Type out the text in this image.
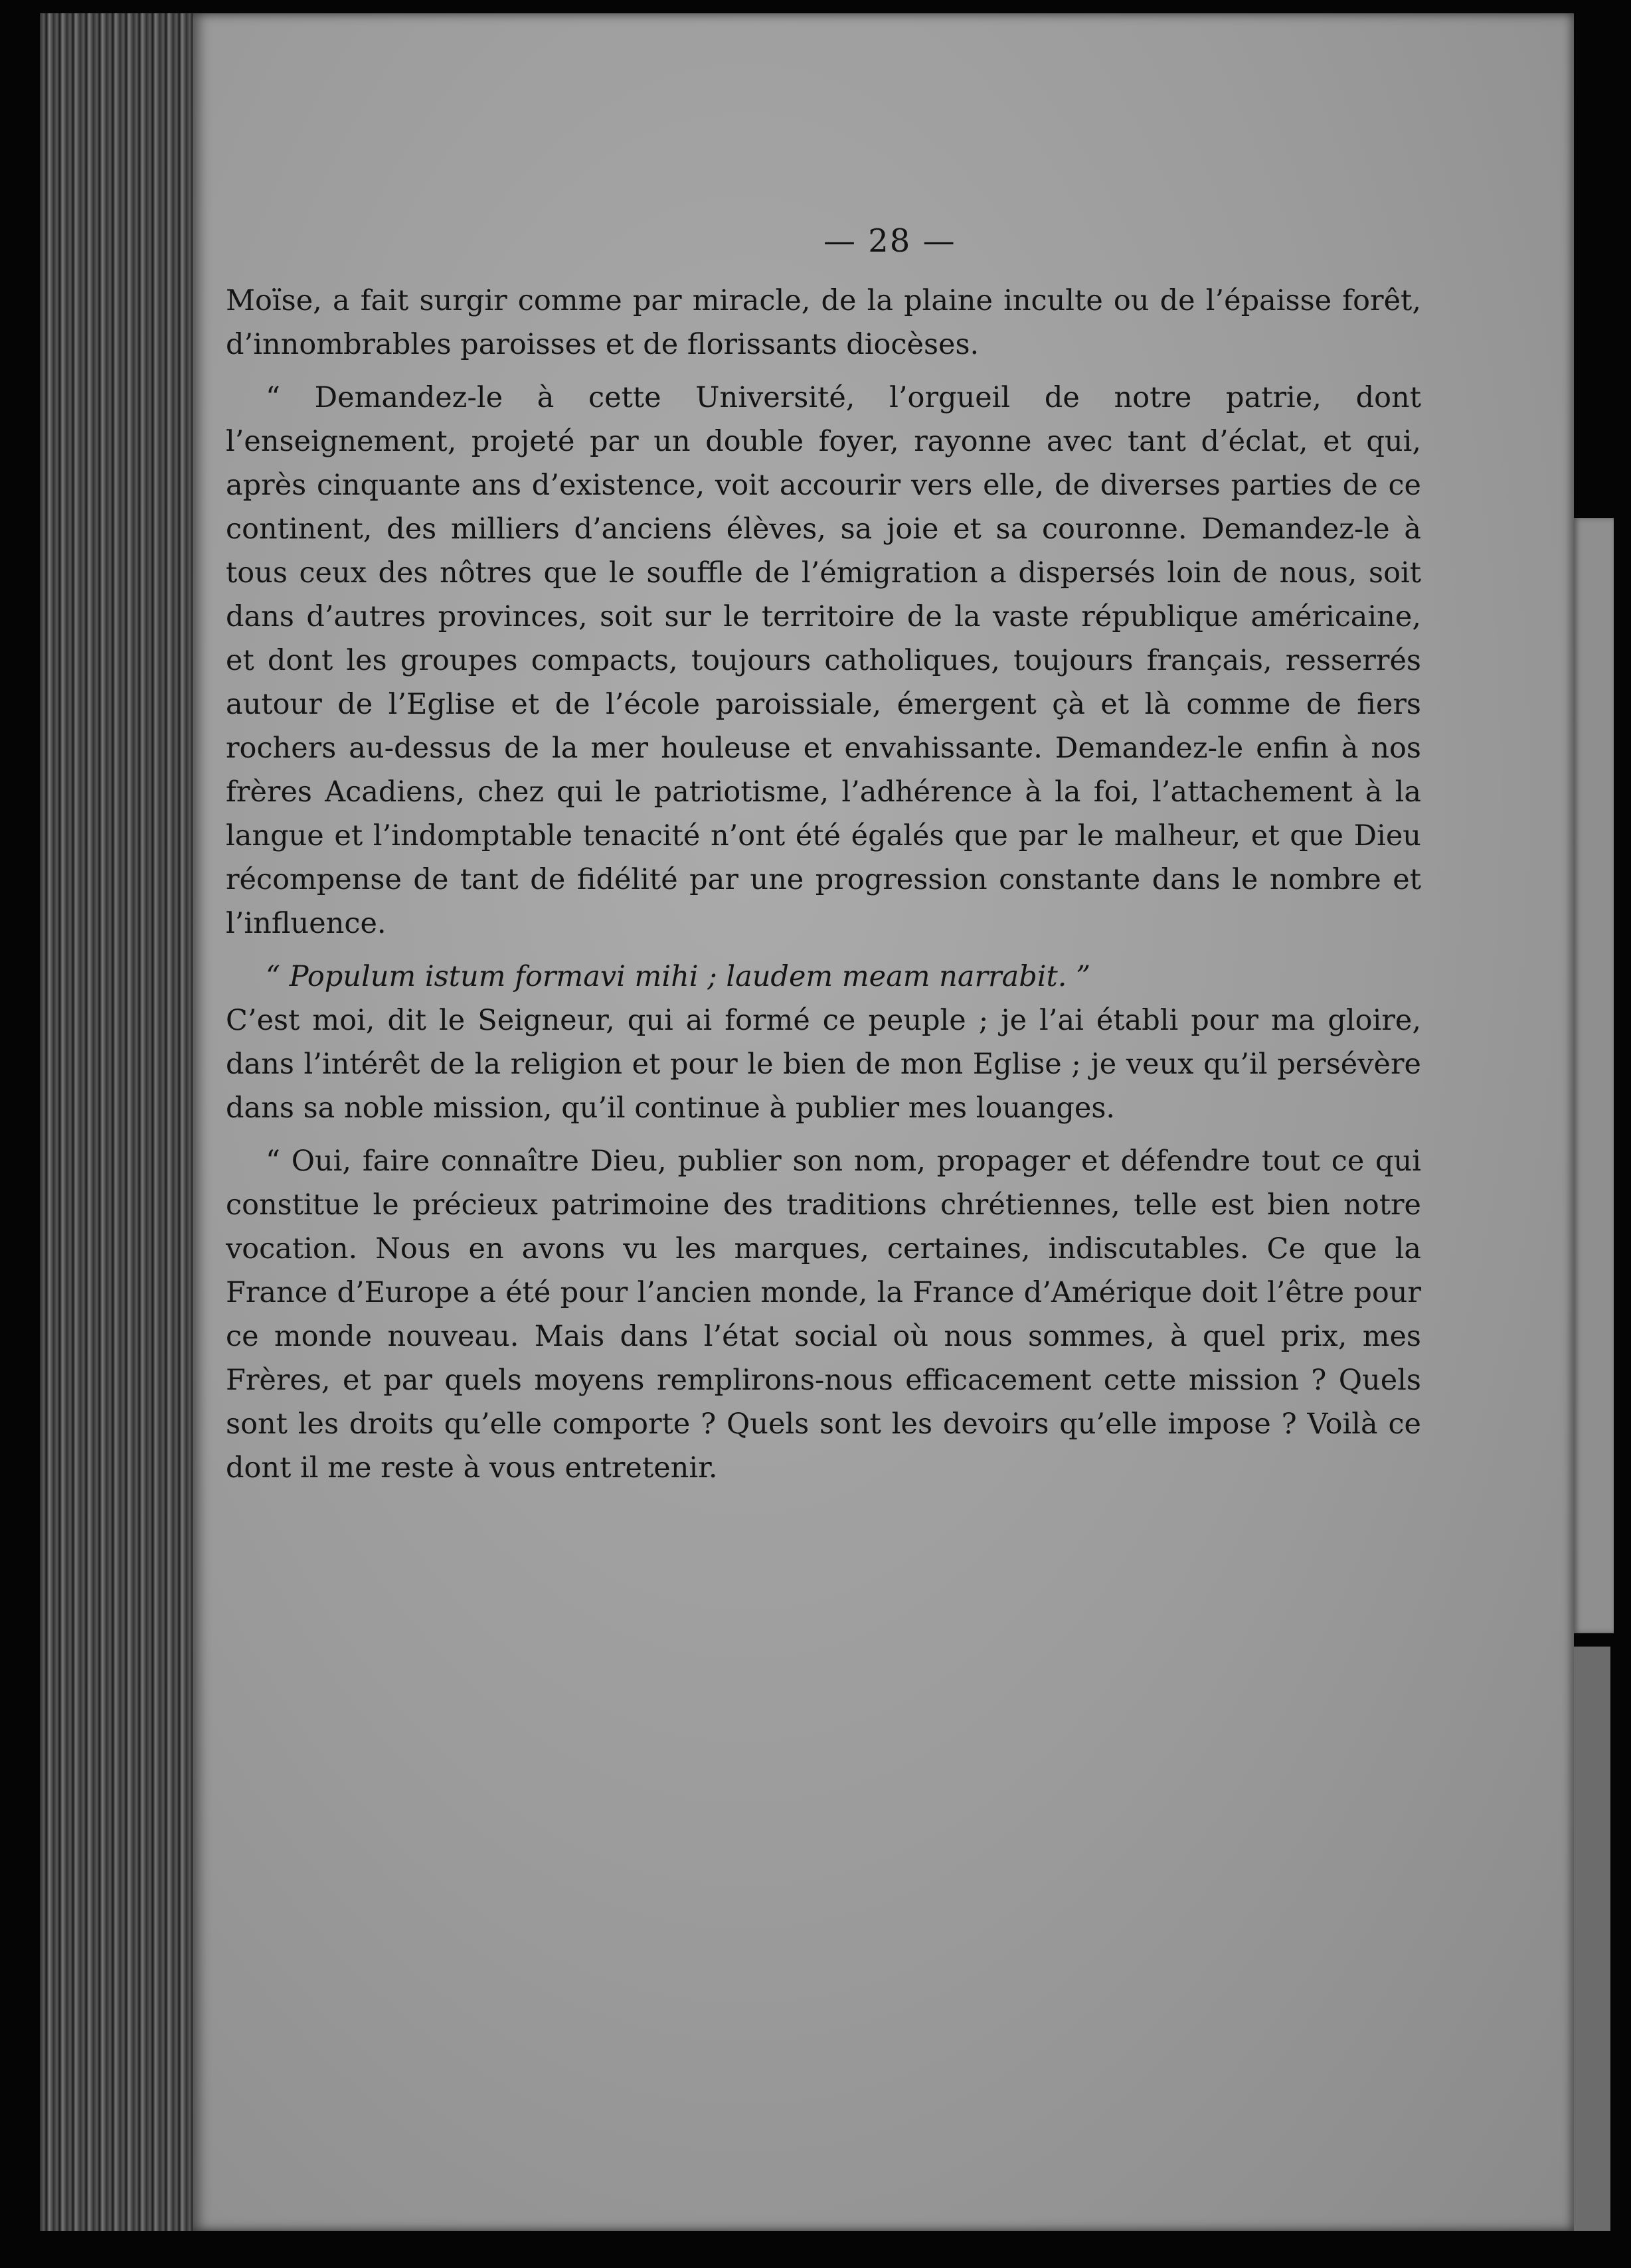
— 28 —

Moïse, a fait surgir comme par miracle, de la plaine inculte ou de l’épaisse forêt, d’innombrables paroisses et de florissants diocèses.

“ Demandez-le à cette Université, l’orgueil de notre patrie, dont l’enseignement, projeté par un double foyer, rayonne avec tant d’éclat, et qui, après cinquante ans d’existence, voit accourir vers elle, de diverses parties de ce continent, des milliers d’anciens élèves, sa joie et sa couronne. Demandez-le à tous ceux des nôtres que le souffle de l’émigration a dispersés loin de nous, soit dans d’autres provinces, soit sur le territoire de la vaste république américaine, et dont les groupes compacts, toujours catholiques, toujours français, resserrés autour de l’Eglise et de l’école paroissiale, émergent çà et là comme de fiers rochers au-dessus de la mer houleuse et envahissante. Demandez-le enfin à nos frères Acadiens, chez qui le patriotisme, l’adhérence à la foi, l’attachement à la langue et l’indomptable tenacité n’ont été égalés que par le malheur, et que Dieu récompense de tant de fidélité par une progression constante dans le nombre et l’influence.

“ Populum istum formavi mihi ; laudem meam narrabit. ”

C’est moi, dit le Seigneur, qui ai formé ce peuple ; je l’ai établi pour ma gloire, dans l’intérêt de la religion et pour le bien de mon Eglise ; je veux qu’il persévère dans sa noble mission, qu’il continue à publier mes louanges.

“ Oui, faire connaître Dieu, publier son nom, propager et défendre tout ce qui constitue le précieux patrimoine des traditions chrétiennes, telle est bien notre vocation. Nous en avons vu les marques, certaines, indiscutables. Ce que la France d’Europe a été pour l’ancien monde, la France d’Amérique doit l’être pour ce monde nouveau. Mais dans l’état social où nous sommes, à quel prix, mes Frères, et par quels moyens remplirons-nous efficacement cette mission ? Quels sont les droits qu’elle comporte ? Quels sont les devoirs qu’elle impose ? Voilà ce dont il me reste à vous entretenir.
